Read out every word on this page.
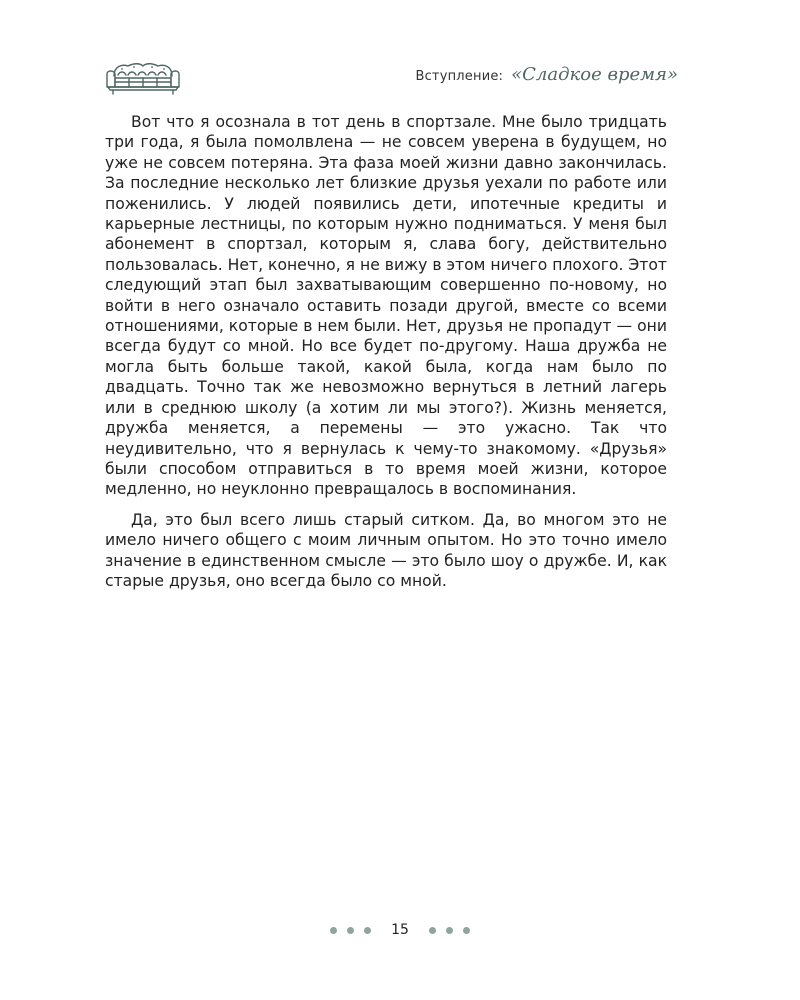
Вступление: «Сладкое время»

Вот что я осознала в тот день в спортзале. Мне было тридцать три года, я была помолвлена — не совсем уверена в будущем, но уже не совсем потеряна. Эта фаза моей жизни давно закончилась. За последние несколько лет близкие друзья уехали по работе или поженились. У людей появились дети, ипотечные кредиты и карьерные лестницы, по которым нужно подниматься. У меня был абонемент в спортзал, которым я, слава богу, действительно пользовалась. Нет, конечно, я не вижу в этом ничего плохого. Этот следующий этап был захватывающим совершенно по-новому, но войти в него означало оставить позади другой, вместе со всеми отношениями, которые в нем были. Нет, друзья не пропадут — они всегда будут со мной. Но все будет по-другому. Наша дружба не могла быть больше такой, какой была, когда нам было по двадцать. Точно так же невозможно вернуться в летний лагерь или в среднюю школу (а хотим ли мы этого?). Жизнь меняется, дружба меняется, а перемены — это ужасно. Так что неудивительно, что я вернулась к чему-то знакомому. «Друзья» были способом отправиться в то время моей жизни, которое медленно, но неуклонно превращалось в воспоминания.

Да, это был всего лишь старый ситком. Да, во многом это не имело ничего общего с моим личным опытом. Но это точно имело значение в единственном смысле — это было шоу о дружбе. И, как старые друзья, оно всегда было со мной.

15
